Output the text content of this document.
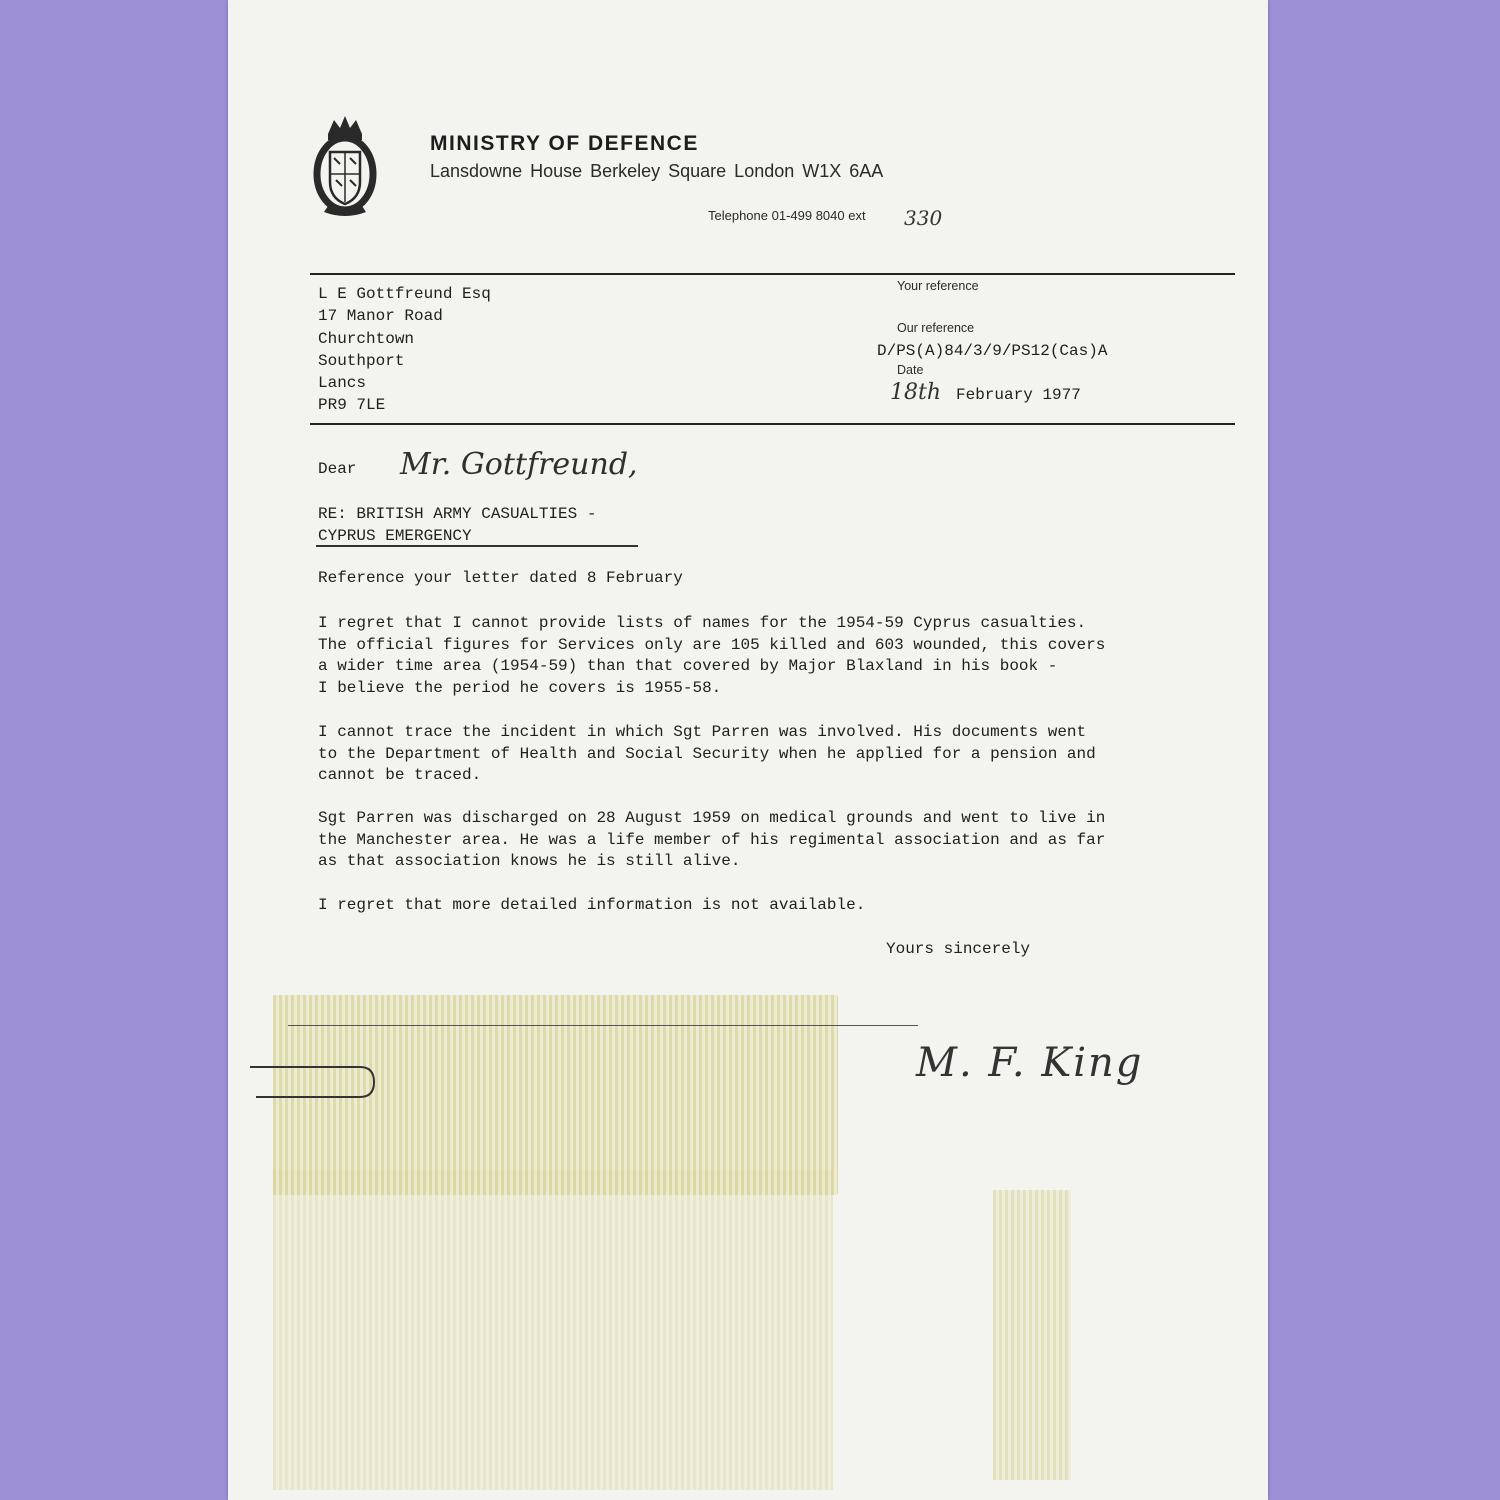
MINISTRY OF DEFENCE
Lansdowne House Berkeley Square London W1X 6AA
Telephone 01-499 8040 ext 330
L E Gottfreund Esq
17 Manor Road
Churchtown
Southport
Lancs
PR9 7LE
Your reference
Our reference
D/PS(A)84/3/9/PS12(Cas)A
Date
18th February 1977
Dear Mr. Gottfreund,
RE: BRITISH ARMY CASUALTIES -
CYPRUS EMERGENCY
Reference your letter dated 8 February
I regret that I cannot provide lists of names for the 1954-59 Cyprus casualties.
The official figures for Services only are 105 killed and 603 wounded, this covers
a wider time area (1954-59) than that covered by Major Blaxland in his book -
I believe the period he covers is 1955-58.
I cannot trace the incident in which Sgt Parren was involved. His documents went
to the Department of Health and Social Security when he applied for a pension and
cannot be traced.
Sgt Parren was discharged on 28 August 1959 on medical grounds and went to live in
the Manchester area. He was a life member of his regimental association and as far
as that association knows he is still alive.
I regret that more detailed information is not available.
Yours sincerely
M. F. King
